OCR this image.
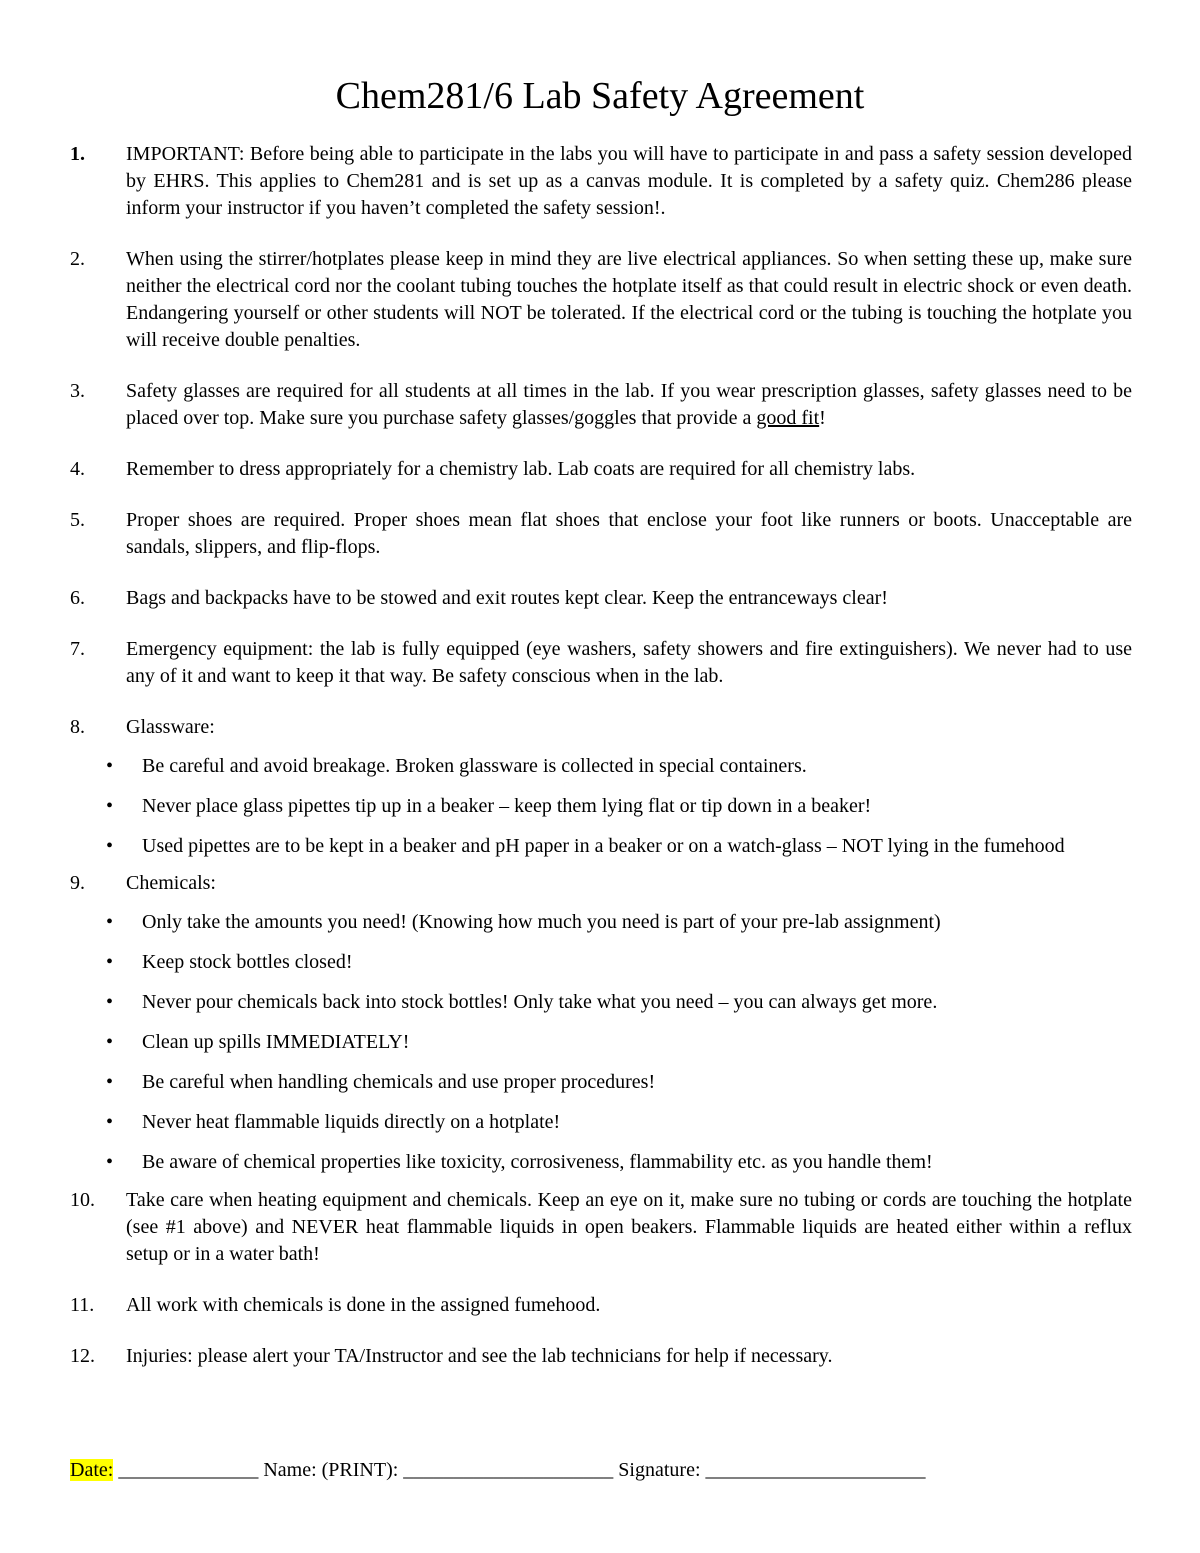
Chem281/6 Lab Safety Agreement
1. IMPORTANT: Before being able to participate in the labs you will have to participate in and pass a safety session developed by EHRS. This applies to Chem281 and is set up as a canvas module. It is completed by a safety quiz. Chem286 please inform your instructor if you haven’t completed the safety session!.
2. When using the stirrer/hotplates please keep in mind they are live electrical appliances. So when setting these up, make sure neither the electrical cord nor the coolant tubing touches the hotplate itself as that could result in electric shock or even death. Endangering yourself or other students will NOT be tolerated. If the electrical cord or the tubing is touching the hotplate you will receive double penalties.
3. Safety glasses are required for all students at all times in the lab. If you wear prescription glasses, safety glasses need to be placed over top. Make sure you purchase safety glasses/goggles that provide a good fit!
4. Remember to dress appropriately for a chemistry lab. Lab coats are required for all chemistry labs.
5. Proper shoes are required. Proper shoes mean flat shoes that enclose your foot like runners or boots. Unacceptable are sandals, slippers, and flip-flops.
6. Bags and backpacks have to be stowed and exit routes kept clear. Keep the entranceways clear!
7. Emergency equipment: the lab is fully equipped (eye washers, safety showers and fire extinguishers). We never had to use any of it and want to keep it that way. Be safety conscious when in the lab.
8. Glassware:
• Be careful and avoid breakage. Broken glassware is collected in special containers.
• Never place glass pipettes tip up in a beaker – keep them lying flat or tip down in a beaker!
• Used pipettes are to be kept in a beaker and pH paper in a beaker or on a watch-glass – NOT lying in the fumehood
9. Chemicals:
• Only take the amounts you need! (Knowing how much you need is part of your pre-lab assignment)
• Keep stock bottles closed!
• Never pour chemicals back into stock bottles! Only take what you need – you can always get more.
• Clean up spills IMMEDIATELY!
• Be careful when handling chemicals and use proper procedures!
• Never heat flammable liquids directly on a hotplate!
• Be aware of chemical properties like toxicity, corrosiveness, flammability etc. as you handle them!
10. Take care when heating equipment and chemicals. Keep an eye on it, make sure no tubing or cords are touching the hotplate (see #1 above) and NEVER heat flammable liquids in open beakers. Flammable liquids are heated either within a reflux setup or in a water bath!
11. All work with chemicals is done in the assigned fumehood.
12. Injuries: please alert your TA/Instructor and see the lab technicians for help if necessary.
Date: ______________ Name: (PRINT): _____________________ Signature: ______________________
